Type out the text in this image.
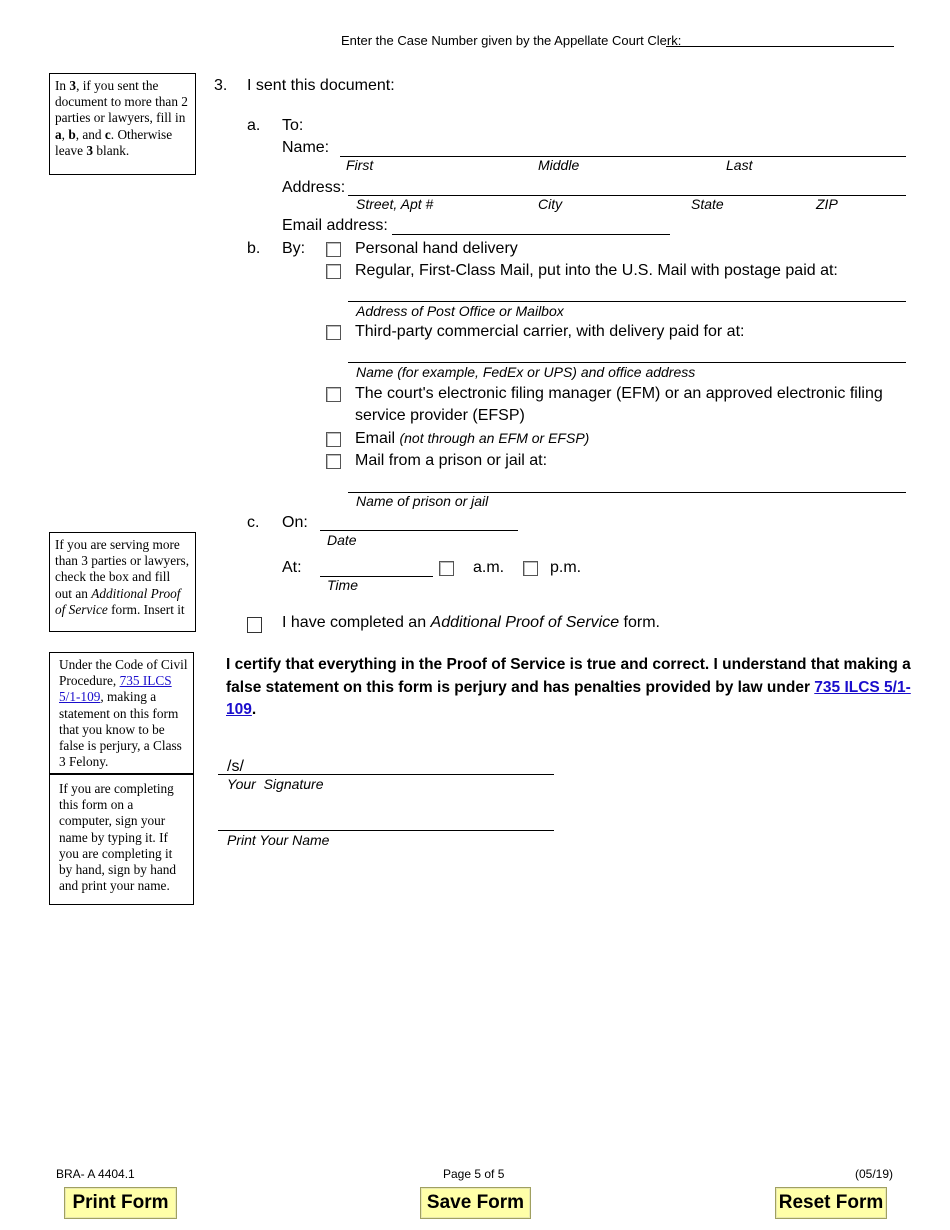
Enter the Case Number given by the Appellate Court Clerk:
In 3, if you sent the document to more than 2 parties or lawyers, fill in a, b, and c. Otherwise leave 3 blank.
If you are serving more than 3 parties or lawyers, check the box and fill out an Additional Proof of Service form. Insert it
Under the Code of Civil Procedure, 735 ILCS 5/1-109, making a statement on this form that you know to be false is perjury, a Class 3 Felony.
If you are completing this form on a computer, sign your name by typing it. If you are completing it by hand, sign by hand and print your name.
3. I sent this document:
a. To:
Name:
First	Middle	Last
Address:
Street, Apt #	City	State	ZIP
Email address:
b. By:	Personal hand delivery
Regular, First-Class Mail, put into the U.S. Mail with postage paid at:
Address of Post Office or Mailbox
Third-party commercial carrier, with delivery paid for at:
Name (for example, FedEx or UPS) and office address
The court's electronic filing manager (EFM) or an approved electronic filing
service provider (EFSP)
Email (not through an EFM or EFSP)
Mail from a prison or jail at:
Name of prison or jail
c. On:
Date
At:
Time
a.m.	p.m.
I have completed an Additional Proof of Service form.
I certify that everything in the Proof of Service is true and correct. I understand that making a false statement on this form is perjury and has penalties provided by law under 735 ILCS 5/1-109.
/s/
Your  Signature
Print Your Name
BRA- A 4404.1	Page 5 of 5	(05/19)
Print Form	Save Form	Reset Form
